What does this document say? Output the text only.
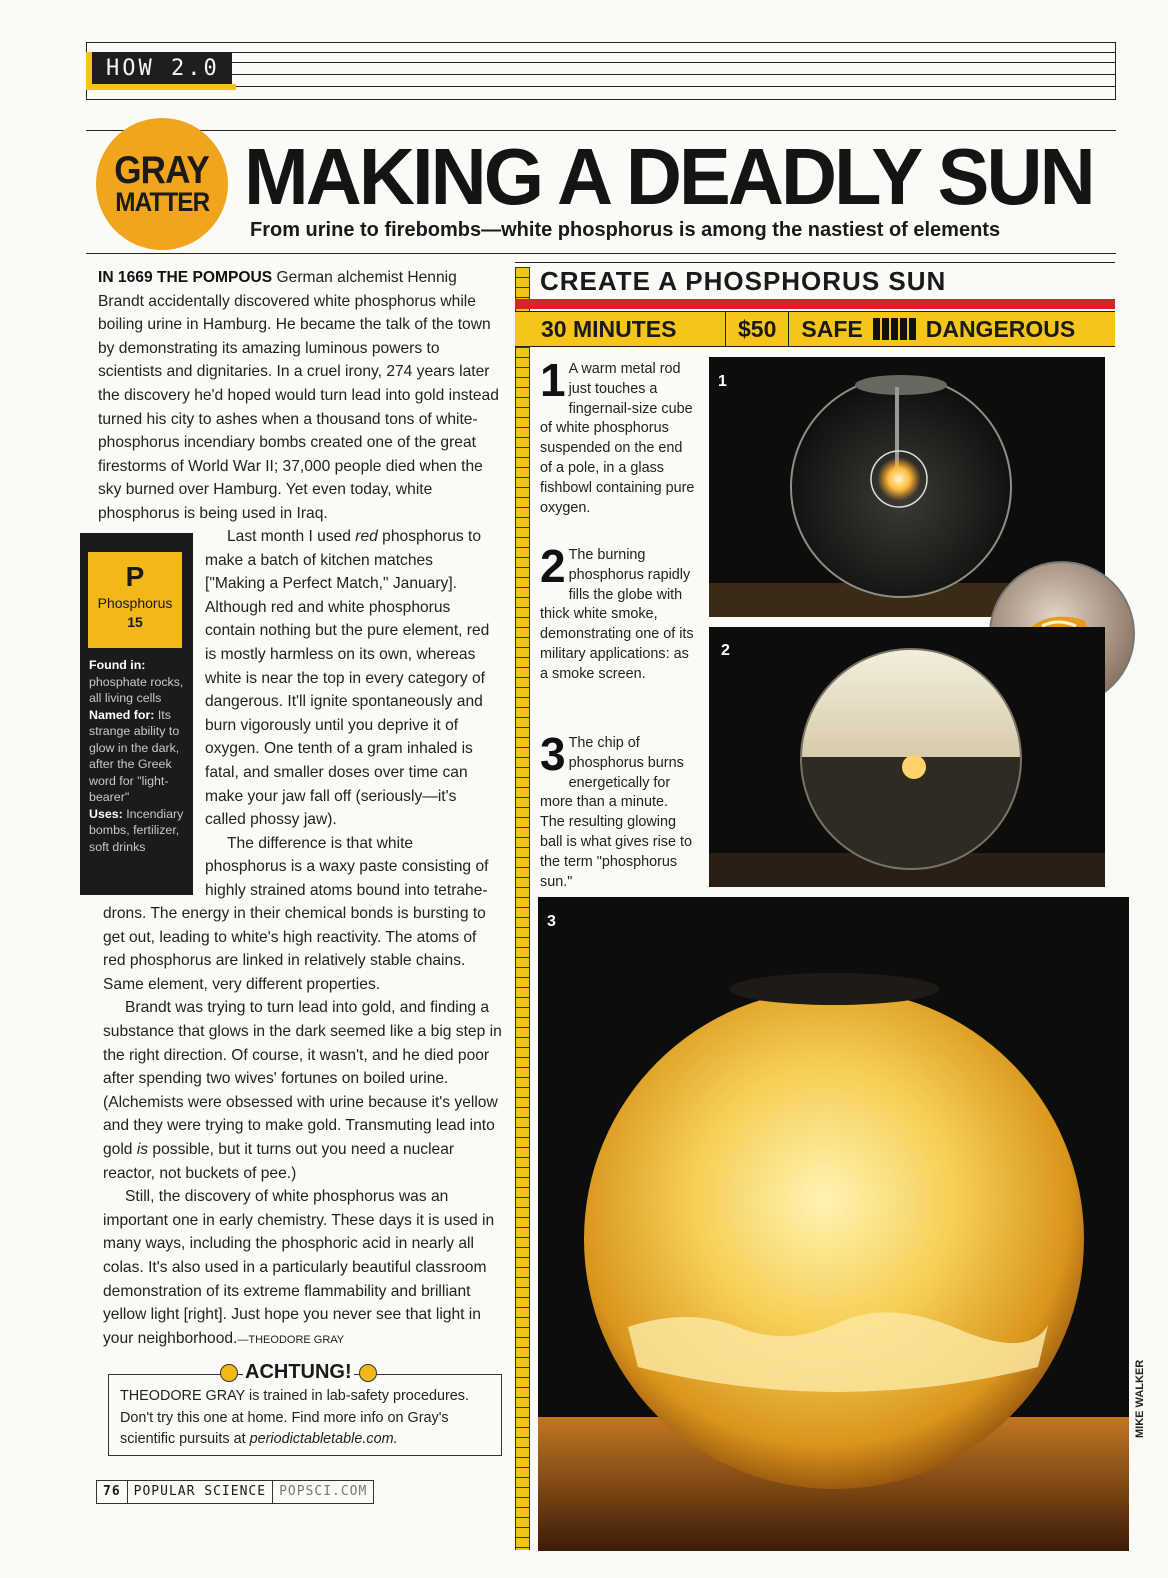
HOW 2.0
GRAY
MATTER MAKING A DEADLY SUN
From urine to firebombs—white phosphorus is among the nastiest of elements
IN 1669 THE POMPOUS German alchemist Hennig Brandt accidentally discovered white phosphorus while boiling urine in Hamburg. He became the talk of the town by demonstrating its amazing luminous powers to scientists and dignitaries. In a cruel irony, 274 years later the discovery he'd hoped would turn lead into gold instead turned his city to ashes when a thousand tons of white-phosphorus incendiary bombs created one of the great firestorms of World War II; 37,000 people died when the sky burned over Hamburg. Yet even today, white phosphorus is being used in Iraq.
P
Phosphorus
15
Found in: phosphate rocks, all living cells
Named for: Its strange ability to glow in the dark, after the Greek word for "light-bearer"
Uses: Incendiary bombs, fertilizer, soft drinks

Last month I used red phosphorus to make a batch of kitchen matches ["Making a Perfect Match," January]. Although red and white phosphorus contain nothing but the pure element, red is mostly harmless on its own, whereas white is near the top in every category of dangerous. It'll ignite spontaneously and burn vigorously until you deprive it of oxygen. One tenth of a gram inhaled is fatal, and smaller doses over time can make your jaw fall off (seriously—it's called phossy jaw).

The difference is that white phosphorus is a waxy paste consisting of highly strained atoms bound into tetrahe-

drons. The energy in their chemical bonds is bursting to get out, leading to white's high reactivity. The atoms of red phosphorus are linked in relatively stable chains. Same element, very different properties.

Brandt was trying to turn lead into gold, and finding a substance that glows in the dark seemed like a big step in the right direction. Of course, it wasn't, and he died poor after spending two wives' fortunes on boiled urine. (Alchemists were obsessed with urine because it's yellow and they were trying to make gold. Transmuting lead into gold is possible, but it turns out you need a nuclear reactor, not buckets of pee.)

Still, the discovery of white phosphorus was an important one in early chemistry. These days it is used in many ways, including the phosphoric acid in nearly all colas. It's also used in a particularly beautiful classroom demonstration of its extreme flammability and brilliant yellow light [right]. Just hope you never see that light in your neighborhood.—THEODORE GRAY

ACHTUNG!
THEODORE GRAY is trained in lab-safety procedures. Don't try this one at home. Find more info on Gray's scientific pursuits at periodictabletable.com.
76	POPULAR SCIENCE	POPSCI.COM
CREATE A PHOSPHORUS SUN
30 MINUTES	$50	SAFE	DANGEROUS
1 A warm metal rod just touches a fingernail-size cube of white phosphorus suspended on the end of a pole, in a glass fishbowl containing pure oxygen.
2 The burning phosphorus rapidly fills the globe with thick white smoke, demonstrating one of its military applications: as a smoke screen.
3 The chip of phosphorus burns energetically for more than a minute. The resulting glowing ball is what gives rise to the term "phosphorus sun."
1
2
3
MIKE WALKER
